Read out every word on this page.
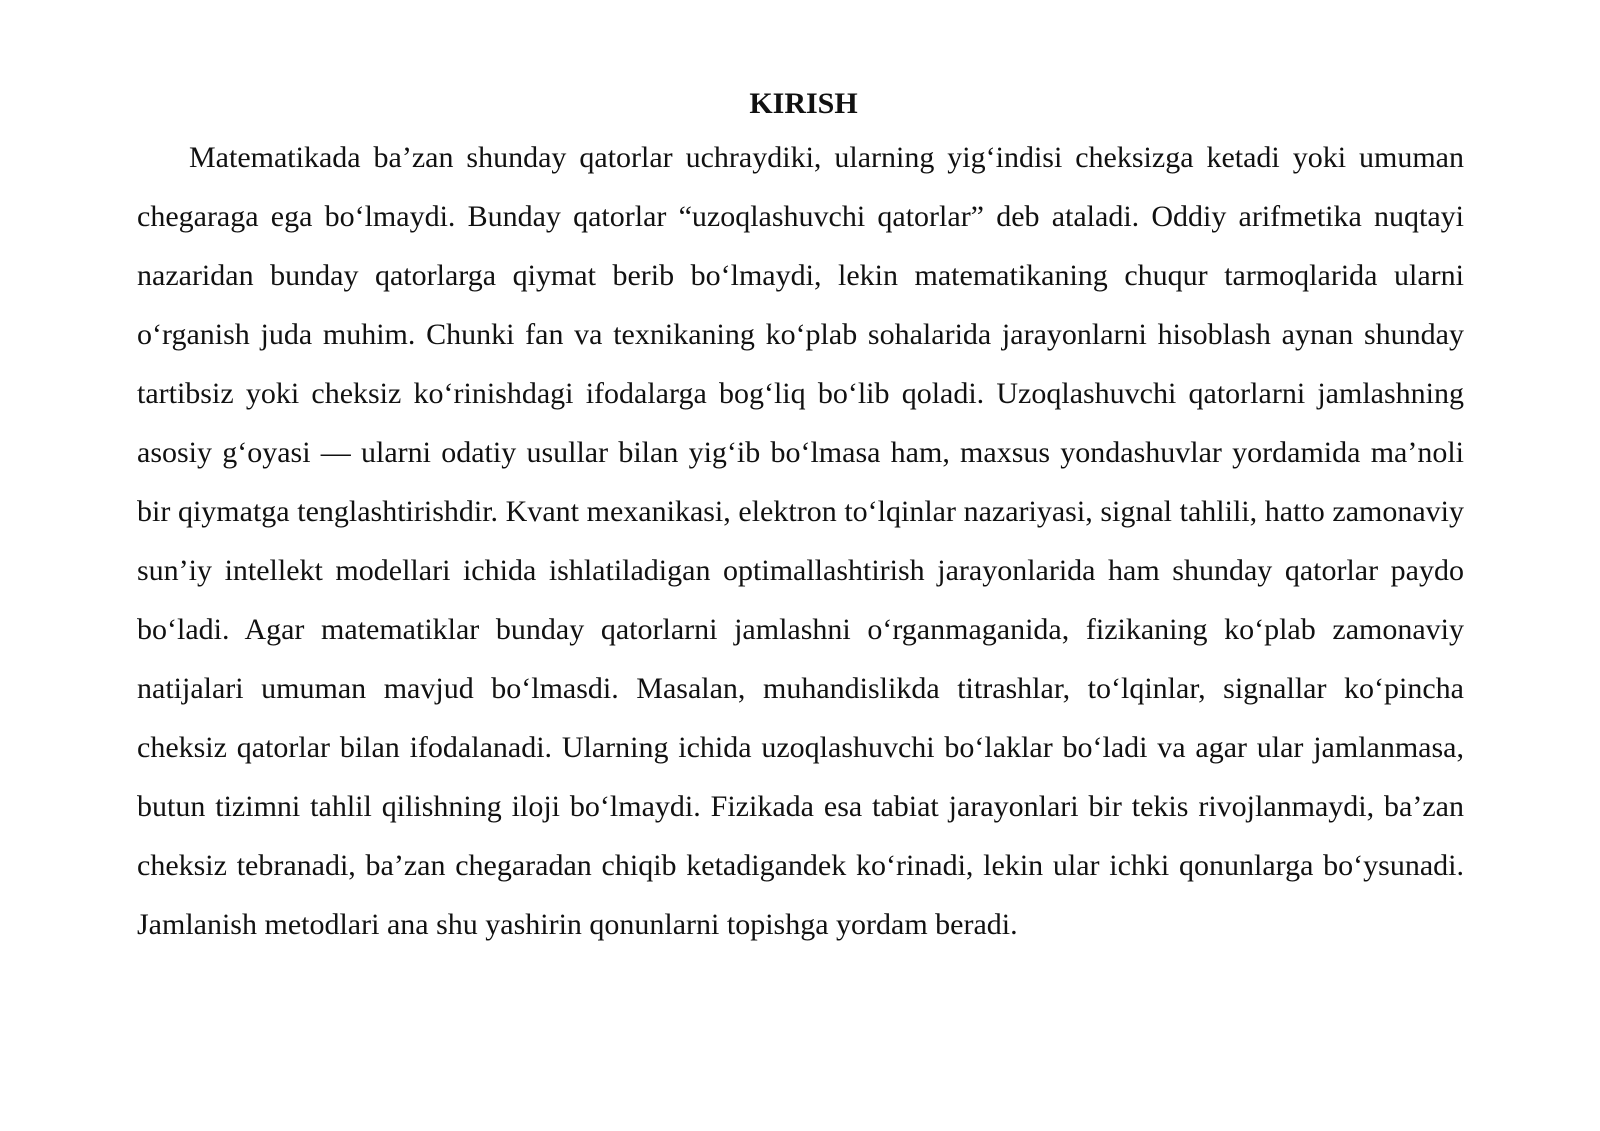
KIRISH

Matematikada ba’zan shunday qatorlar uchraydiki, ularning yig‘indisi cheksizga ketadi yoki umuman chegaraga ega bo‘lmaydi. Bunday qatorlar “uzoqlashuvchi qatorlar” deb ataladi. Oddiy arifmetika nuqtayi nazaridan bunday qatorlarga qiymat berib bo‘lmaydi, lekin matematikaning chuqur tarmoqlarida ularni o‘rganish juda muhim. Chunki fan va texnikaning ko‘plab sohalarida jarayonlarni hisoblash aynan shunday tartibsiz yoki cheksiz ko‘rinishdagi ifodalarga bog‘liq bo‘lib qoladi. Uzoqlashuvchi qatorlarni jamlashning asosiy g‘oyasi — ularni odatiy usullar bilan yig‘ib bo‘lmasa ham, maxsus yondashuvlar yordamida ma’noli bir qiymatga tenglashtirishdir. Kvant mexanikasi, elektron to‘lqinlar nazariyasi, signal tahlili, hatto zamonaviy sun’iy intellekt modellari ichida ishlatiladigan optimallashtirish jarayonlarida ham shunday qatorlar paydo bo‘ladi. Agar matematiklar bunday qatorlarni jamlashni o‘rganmaganida, fizikaning ko‘plab zamonaviy natijalari umuman mavjud bo‘lmasdi. Masalan, muhandislikda titrashlar, to‘lqinlar, signallar ko‘pincha cheksiz qatorlar bilan ifodalanadi. Ularning ichida uzoqlashuvchi bo‘laklar bo‘ladi va agar ular jamlanmasa, butun tizimni tahlil qilishning iloji bo‘lmaydi. Fizikada esa tabiat jarayonlari bir tekis rivojlanmaydi, ba’zan cheksiz tebranadi, ba’zan chegaradan chiqib ketadigandek ko‘rinadi, lekin ular ichki qonunlarga bo‘ysunadi. Jamlanish metodlari ana shu yashirin qonunlarni topishga yordam beradi.
